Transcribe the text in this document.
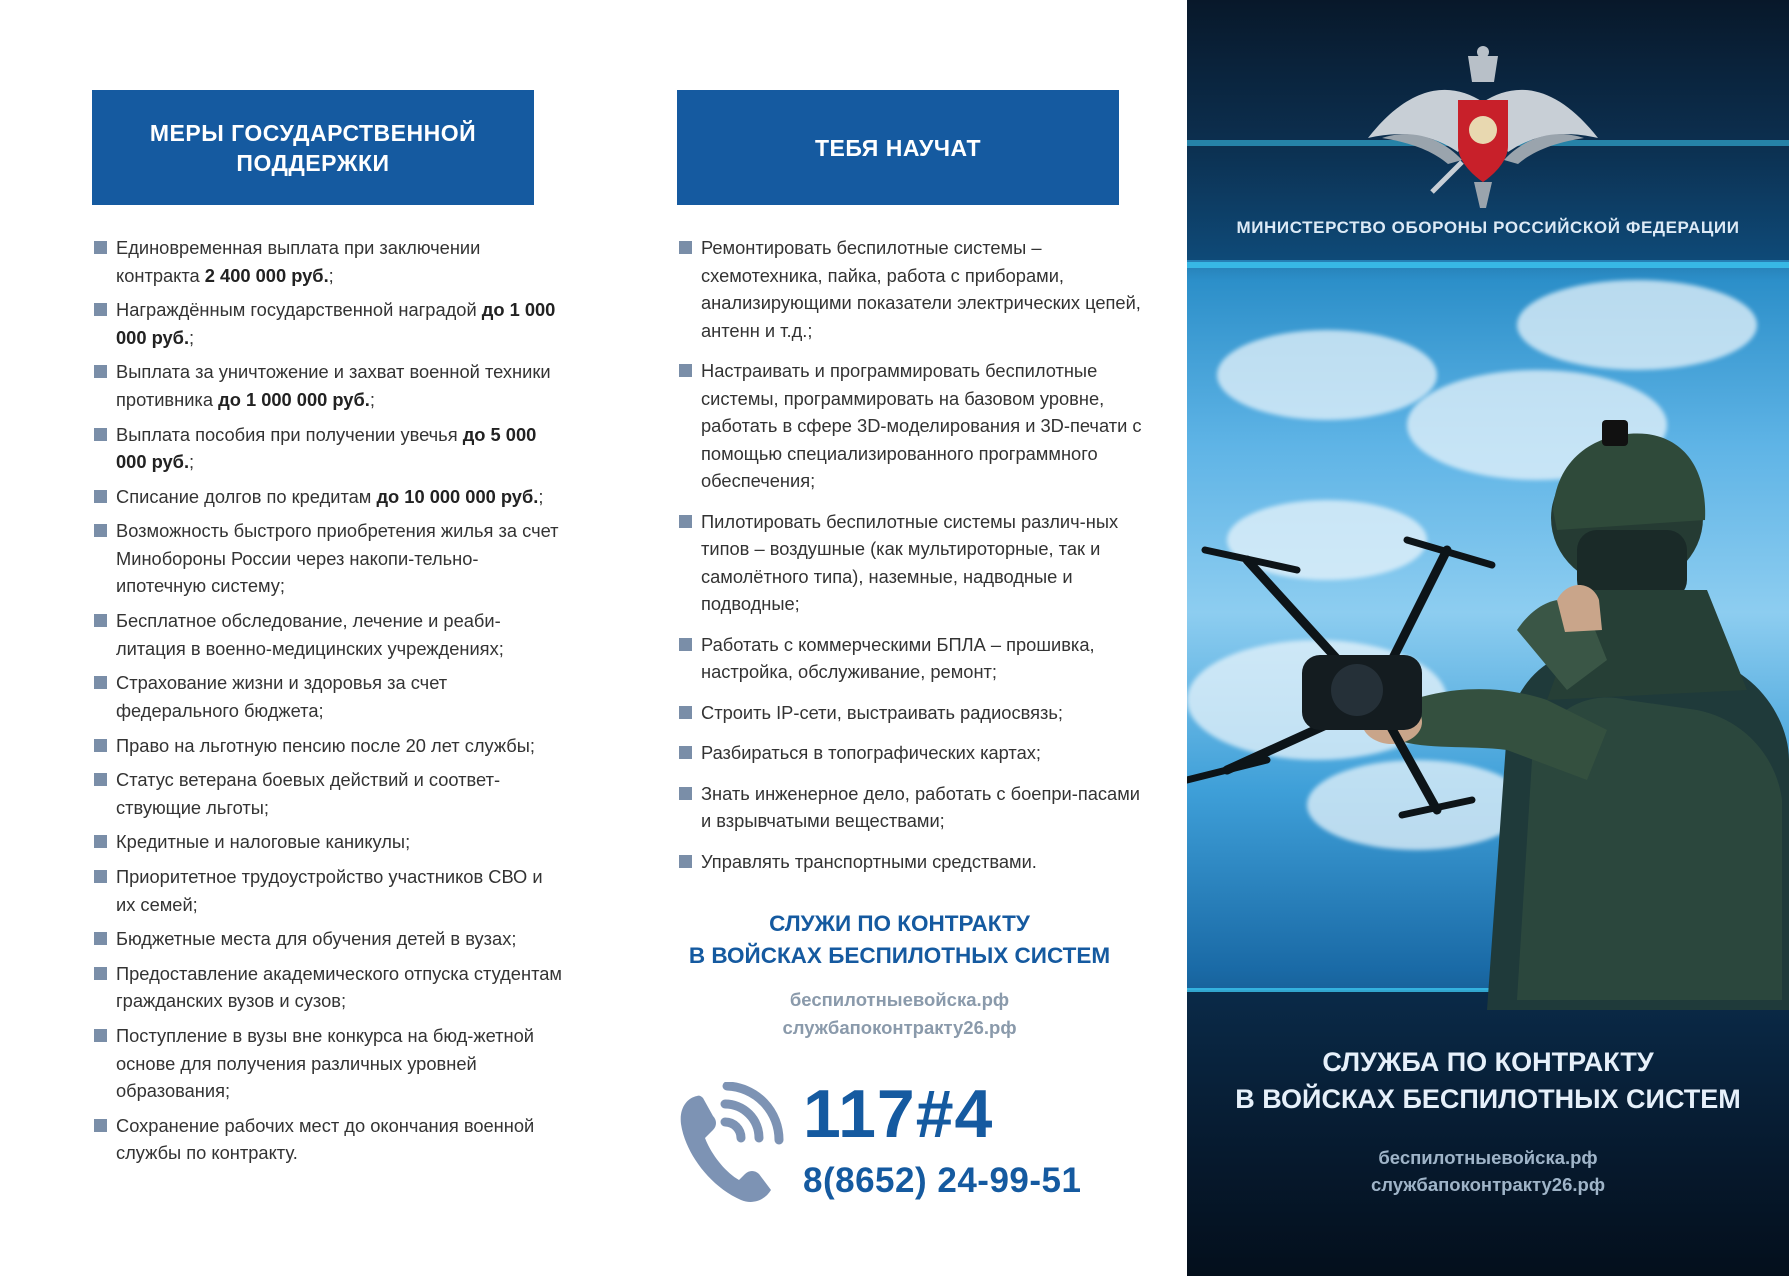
МЕРЫ ГОСУДАРСТВЕННОЙ
ПОДДЕРЖКИ
Единовременная выплата при заключении контракта 2 400 000 руб.;
Награждённым государственной наградой до 1 000 000 руб.;
Выплата за уничтожение и захват военной техники противника до 1 000 000 руб.;
Выплата пособия при получении увечья до 5 000 000 руб.;
Списание долгов по кредитам до 10 000 000 руб.;
Возможность быстрого приобретения жилья за счет Минобороны России через накопи-тельно-ипотечную систему;
Бесплатное обследование, лечение и реаби-литация в военно-медицинских учреждениях;
Страхование жизни и здоровья за счет федерального бюджета;
Право на льготную пенсию после 20 лет службы;
Статус ветерана боевых действий и соответ-ствующие льготы;
Кредитные и налоговые каникулы;
Приоритетное трудоустройство участников СВО и их семей;
Бюджетные места для обучения детей в вузах;
Предоставление академического отпуска студентам гражданских вузов и сузов;
Поступление в вузы вне конкурса на бюд-жетной основе для получения различных уровней образования;
Сохранение рабочих мест до окончания военной службы по контракту.
ТЕБЯ НАУЧАТ
Ремонтировать беспилотные системы – схемотехника, пайка, работа с приборами, анализирующими показатели электрических цепей, антенн и т.д.;
Настраивать и программировать беспилотные системы, программировать на базовом уровне, работать в сфере 3D-моделирования и 3D-печати с помощью специализированного программного обеспечения;
Пилотировать беспилотные системы различ-ных типов – воздушные (как мультироторные, так и самолётного типа), наземные, надводные и подводные;
Работать с коммерческими БПЛА – прошивка, настройка, обслуживание, ремонт;
Строить IP-сети, выстраивать радиосвязь;
Разбираться в топографических картах;
Знать инженерное дело, работать с боепри-пасами и взрывчатыми веществами;
Управлять транспортными средствами.
СЛУЖИ ПО КОНТРАКТУ
В ВОЙСКАХ БЕСПИЛОТНЫХ СИСТЕМ
беспилотныевойска.рф
службапоконтракту26.рф
117#4
8(8652) 24-99-51
МИНИСТЕРСТВО ОБОРОНЫ РОССИЙСКОЙ ФЕДЕРАЦИИ
СЛУЖБА ПО КОНТРАКТУ
В ВОЙСКАХ БЕСПИЛОТНЫХ СИСТЕМ
беспилотныевойска.рф
службапоконтракту26.рф
